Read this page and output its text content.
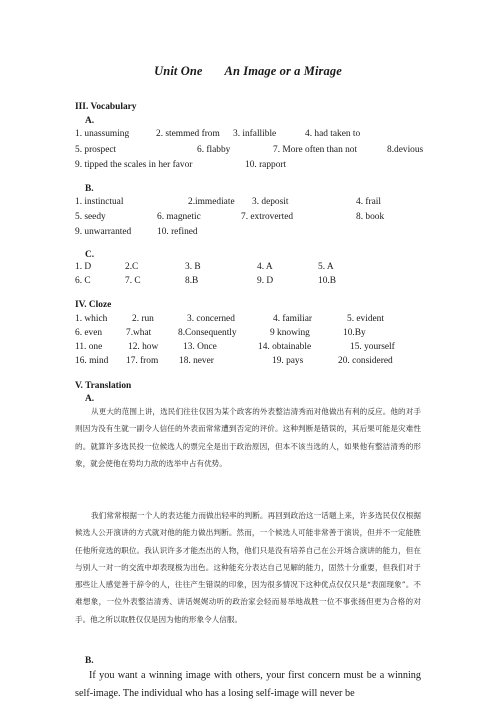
Unit One An Image or a Mirage
III. Vocabulary
A.
1. unassuming	2. stemmed from 3. infallible	4. had taken to
5. prospect	6. flabby	7. More often than not	8.devious
9. tipped the scales in her favor	10. rapport
B.
1. instinctual	2.immediate 3. deposit	4. frail
5. seedy	6. magnetic	7. extroverted	8. book
9. unwarranted	10. refined
C.
1. D	2.C	3. B	4. A	5. A
6. C	7. C	8.B	9. D	10.B
IV. Cloze
1. which	2. run	3. concerned	4. familiar	5. evident
6. even	7.what	8.Consequently	9 knowing	10.By
11. one	12. how	13. Once	14. obtainable	15. yourself
16. mind 17. from 18. never	19. pays	20. considered
V. Translation
A.
从更大的范围上讲，选民们往往仅因为某个政客的外表整洁清秀而对他做出有利的反应。他的对手则因为没有生就一副令人信任的外表而常常遭到否定的评价。这种判断是错误的，其后果可能是灾难性的。就算许多选民投一位候选人的票完全是出于政治原因，但本不该当选的人，如果他有整洁清秀的形象，就会使他在势均力敌的选举中占有优势。
我们常常根据一个人的表达能力而做出轻率的判断。再回到政治这一话题上来，许多选民仅仅根据候选人公开演讲的方式就对他的能力做出判断。然而，一个候选人可能非常善于演说，但并不一定能胜任他所竞选的职位。我认识许多才能杰出的人物，他们只是没有培养自己在公开场合演讲的能力，但在与别人一对一的交流中却表现极为出色。这种能充分表达自己见解的能力，固然十分重要，但我们对于那些让人感觉善于辞令的人，往往产生错误的印象，因为很多情况下这种优点仅仅只是“表面现象”。不难想象，一位外表整洁清秀、讲话娓娓动听的政治家会轻而易举地战胜一位不事张扬但更为合格的对手。他之所以取胜仅仅是因为他的形象令人信服。
B.
If you want a winning image with others, your first concern must be a winning self-image. The individual who has a losing self-image will never be
